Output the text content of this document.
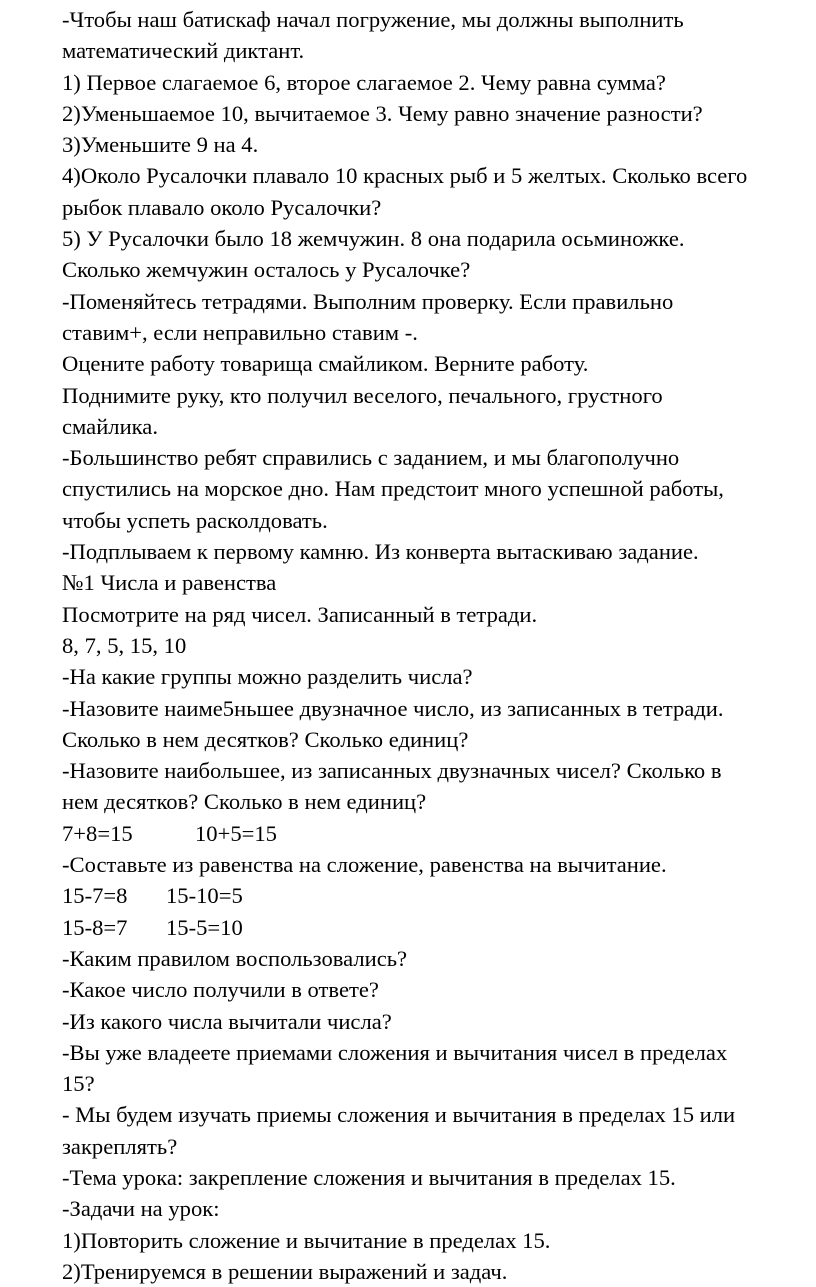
-Чтобы наш батискаф начал погружение, мы должны выполнить
математический диктант.
1) Первое слагаемое 6, второе слагаемое 2. Чему равна сумма?
2)Уменьшаемое 10, вычитаемое 3. Чему равно значение разности?
3)Уменьшите 9 на 4.
4)Около Русалочки плавало 10 красных рыб и 5 желтых. Сколько всего
рыбок плавало около Русалочки?
5) У Русалочки было 18 жемчужин. 8 она подарила осьминожке.
Сколько жемчужин осталось у Русалочке?
-Поменяйтесь тетрадями. Выполним проверку. Если правильно
ставим+, если неправильно ставим -.
Оцените работу товарища смайликом. Верните работу.
Поднимите руку, кто получил веселого, печального, грустного
смайлика.
-Большинство ребят справились с заданием, и мы благополучно
спустились на морское дно. Нам предстоит много успешной работы,
чтобы успеть расколдовать.
-Подплываем к первому камню. Из конверта вытаскиваю задание.
№1 Числа и равенства
Посмотрите на ряд чисел. Записанный в тетради.
8, 7, 5, 15, 10
-На какие группы можно разделить числа?
-Назовите наиме5ньшее двузначное число, из записанных в тетради.
Сколько в нем десятков? Сколько единиц?
-Назовите наибольшее, из записанных двузначных чисел? Сколько в
нем десятков? Сколько в нем единиц?
7+8=15	10+5=15
-Составьте из равенства на сложение, равенства на вычитание.
15-7=8 15-10=5
15-8=7 15-5=10
-Каким правилом воспользовались?
-Какое число получили в ответе?
-Из какого числа вычитали числа?
-Вы уже владеете приемами сложения и вычитания чисел в пределах
15?
- Мы будем изучать приемы сложения и вычитания в пределах 15 или
закреплять?
-Тема урока: закрепление сложения и вычитания в пределах 15.
-Задачи на урок:
1)Повторить сложение и вычитание в пределах 15.
2)Тренируемся в решении выражений и задач.
